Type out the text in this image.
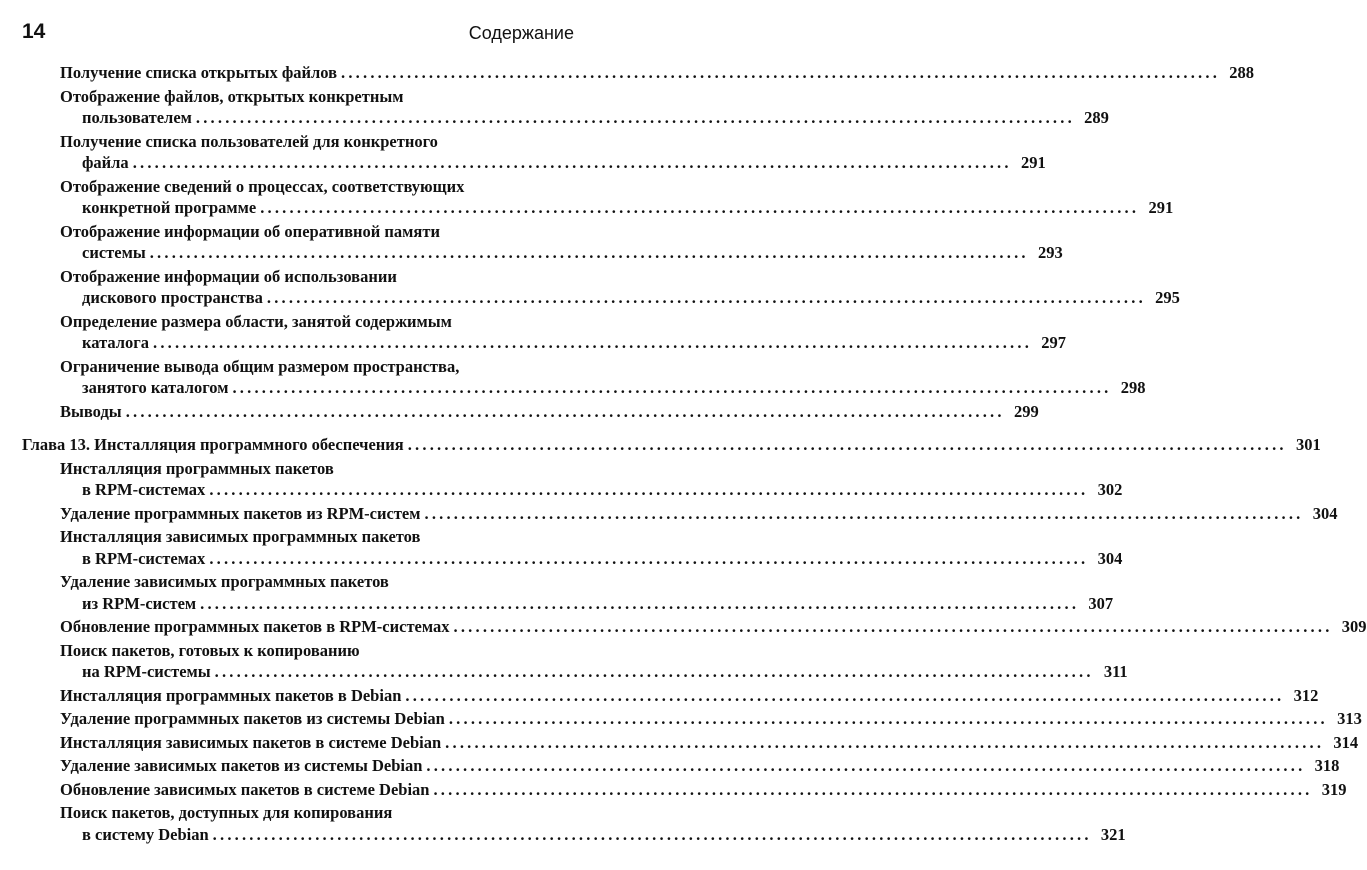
14	Содержание
Получение списка открытых файлов ........................................................................................................................ 288
Отображение файлов, открытых конкретным
пользователем ........................................................................................................................ 289
Получение списка пользователей для конкретного
файла ........................................................................................................................ 291
Отображение сведений о процессах, соответствующих
конкретной программе ........................................................................................................................ 291
Отображение информации об оперативной памяти
системы ........................................................................................................................ 293
Отображение информации об использовании
дискового пространства ........................................................................................................................ 295
Определение размера области, занятой содержимым
каталога ........................................................................................................................ 297
Ограничение вывода общим размером пространства,
занятого каталогом ........................................................................................................................ 298
Выводы ........................................................................................................................ 299
Глава 13. Инсталляция программного обеспечения ........................................................................................................................ 301
Инсталляция программных пакетов
в RPM-системах ........................................................................................................................ 302
Удаление программных пакетов из RPM-систем ........................................................................................................................ 304
Инсталляция зависимых программных пакетов
в RPM-системах ........................................................................................................................ 304
Удаление зависимых программных пакетов
из RPM-систем ........................................................................................................................ 307
Обновление программных пакетов в RPM-системах ........................................................................................................................ 309
Поиск пакетов, готовых к копированию
на RPM-системы ........................................................................................................................ 311
Инсталляция программных пакетов в Debian ........................................................................................................................ 312
Удаление программных пакетов из системы Debian ........................................................................................................................ 313
Инсталляция зависимых пакетов в системе Debian ........................................................................................................................ 314
Удаление зависимых пакетов из системы Debian ........................................................................................................................ 318
Обновление зависимых пакетов в системе Debian ........................................................................................................................ 319
Поиск пакетов, доступных для копирования
в систему Debian ........................................................................................................................ 321
